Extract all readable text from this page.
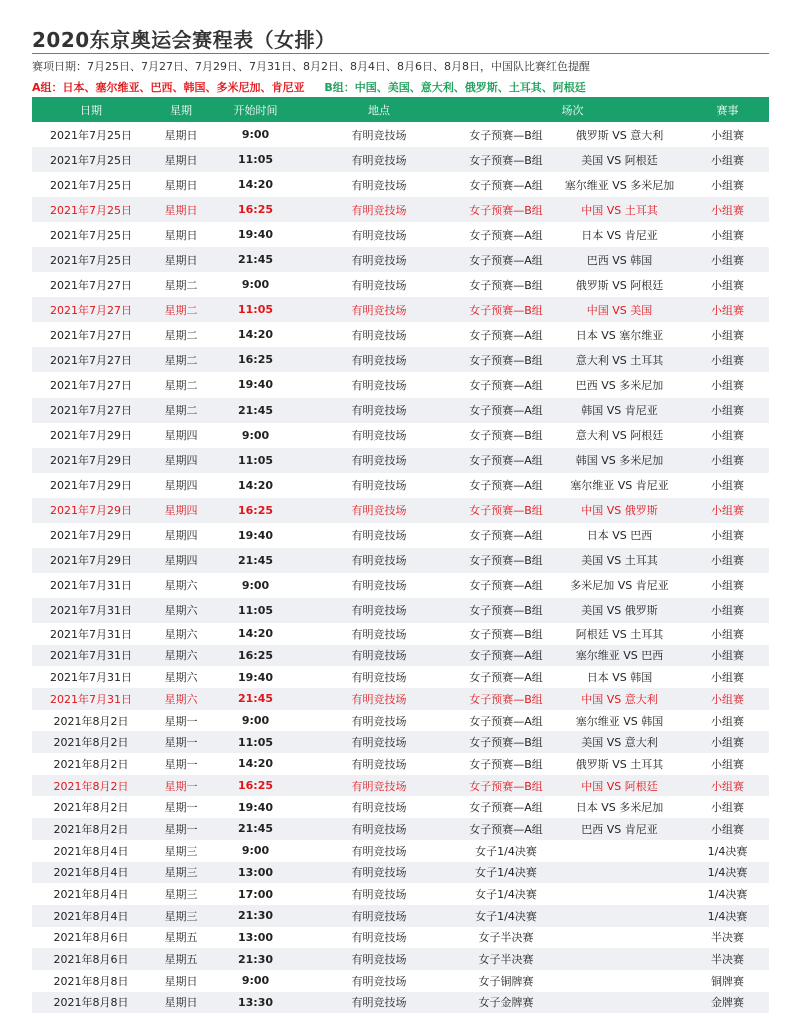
2020东京奥运会赛程表（女排）
赛项日期：7月25日、7月27日、7月29日、7月31日、8月2日、8月4日、8月6日、8月8日，中国队比赛红色提醒
A组：日本、塞尔维亚、巴西、韩国、多米尼加、肯尼亚 B组：中国、美国、意大利、俄罗斯、土耳其、阿根廷
日期	星期	开始时间	地点	场次		赛事
2021年7月25日	星期日	9:00	有明竞技场	女子预赛—B组	俄罗斯 VS 意大利	小组赛
2021年7月25日	星期日	11:05	有明竞技场	女子预赛—B组	美国 VS 阿根廷	小组赛
2021年7月25日	星期日	14:20	有明竞技场	女子预赛—A组	塞尔维亚 VS 多米尼加	小组赛
2021年7月25日	星期日	16:25	有明竞技场	女子预赛—B组	中国 VS 土耳其	小组赛
2021年7月25日	星期日	19:40	有明竞技场	女子预赛—A组	日本 VS 肯尼亚	小组赛
2021年7月25日	星期日	21:45	有明竞技场	女子预赛—A组	巴西 VS 韩国	小组赛
2021年7月27日	星期二	9:00	有明竞技场	女子预赛—B组	俄罗斯 VS 阿根廷	小组赛
2021年7月27日	星期二	11:05	有明竞技场	女子预赛—B组	中国 VS 美国	小组赛
2021年7月27日	星期二	14:20	有明竞技场	女子预赛—A组	日本 VS 塞尔维亚	小组赛
2021年7月27日	星期二	16:25	有明竞技场	女子预赛—B组	意大利 VS 土耳其	小组赛
2021年7月27日	星期二	19:40	有明竞技场	女子预赛—A组	巴西 VS 多米尼加	小组赛
2021年7月27日	星期二	21:45	有明竞技场	女子预赛—A组	韩国 VS 肯尼亚	小组赛
2021年7月29日	星期四	9:00	有明竞技场	女子预赛—B组	意大利 VS 阿根廷	小组赛
2021年7月29日	星期四	11:05	有明竞技场	女子预赛—A组	韩国 VS 多米尼加	小组赛
2021年7月29日	星期四	14:20	有明竞技场	女子预赛—A组	塞尔维亚 VS 肯尼亚	小组赛
2021年7月29日	星期四	16:25	有明竞技场	女子预赛—B组	中国 VS 俄罗斯	小组赛
2021年7月29日	星期四	19:40	有明竞技场	女子预赛—A组	日本 VS 巴西	小组赛
2021年7月29日	星期四	21:45	有明竞技场	女子预赛—B组	美国 VS 土耳其	小组赛
2021年7月31日	星期六	9:00	有明竞技场	女子预赛—A组	多米尼加 VS 肯尼亚	小组赛
2021年7月31日	星期六	11:05	有明竞技场	女子预赛—B组	美国 VS 俄罗斯	小组赛
2021年7月31日	星期六	14:20	有明竞技场	女子预赛—B组	阿根廷 VS 土耳其	小组赛
2021年7月31日	星期六	16:25	有明竞技场	女子预赛—A组	塞尔维亚 VS 巴西	小组赛
2021年7月31日	星期六	19:40	有明竞技场	女子预赛—A组	日本 VS 韩国	小组赛
2021年7月31日	星期六	21:45	有明竞技场	女子预赛—B组	中国 VS 意大利	小组赛
2021年8月2日	星期一	9:00	有明竞技场	女子预赛—A组	塞尔维亚 VS 韩国	小组赛
2021年8月2日	星期一	11:05	有明竞技场	女子预赛—B组	美国 VS 意大利	小组赛
2021年8月2日	星期一	14:20	有明竞技场	女子预赛—B组	俄罗斯 VS 土耳其	小组赛
2021年8月2日	星期一	16:25	有明竞技场	女子预赛—B组	中国 VS 阿根廷	小组赛
2021年8月2日	星期一	19:40	有明竞技场	女子预赛—A组	日本 VS 多米尼加	小组赛
2021年8月2日	星期一	21:45	有明竞技场	女子预赛—A组	巴西 VS 肯尼亚	小组赛
2021年8月4日	星期三	9:00	有明竞技场	女子1/4决赛		1/4决赛
2021年8月4日	星期三	13:00	有明竞技场	女子1/4决赛		1/4决赛
2021年8月4日	星期三	17:00	有明竞技场	女子1/4决赛		1/4决赛
2021年8月4日	星期三	21:30	有明竞技场	女子1/4决赛		1/4决赛
2021年8月6日	星期五	13:00	有明竞技场	女子半决赛		半决赛
2021年8月6日	星期五	21:30	有明竞技场	女子半决赛		半决赛
2021年8月8日	星期日	9:00	有明竞技场	女子铜牌赛		铜牌赛
2021年8月8日	星期日	13:30	有明竞技场	女子金牌赛		金牌赛
